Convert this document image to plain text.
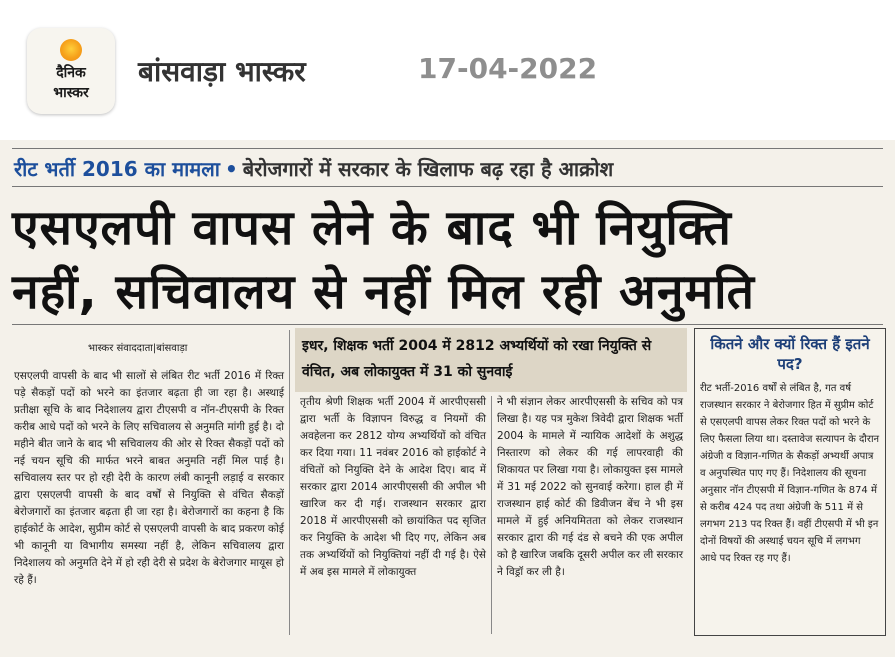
दैनिक
भास्कर
बांसवाड़ा भास्कर	17-04-2022
रीट भर्ती 2016 का मामला • बेरोजगारों में सरकार के खिलाफ बढ़ रहा है आक्रोश
एसएलपी वापस लेने के बाद भी नियुक्ति
नहीं, सचिवालय से नहीं मिल रही अनुमति
भास्कर संवाददाता|बांसवाड़ा

एसएलपी वापसी के बाद भी सालों से लंबित रीट भर्ती 2016 में रिक्त पड़े सैकड़ों पदों को भरने का इंतजार बढ़ता ही जा रहा है। अस्थाई प्रतीक्षा सूचि के बाद निदेशालय द्वारा टीएसपी व नॉन-टीएसपी के रिक्त करीब आधे पदों को भरने के लिए सचिवालय से अनुमति मांगी हुई है। दो महीने बीत जाने के बाद भी सचिवालय की ओर से रिक्त सैकड़ों पदों को नई चयन सूचि की मार्फत भरने बाबत अनुमति नहीं मिल पाई है। सचिवालय स्तर पर हो रही देरी के कारण लंबी कानूनी लड़ाई व सरकार द्वारा एसएलपी वापसी के बाद वर्षों से नियुक्ति से वंचित सैकड़ों बेरोजगारों का इंतजार बढ़ता ही जा रहा है। बेरोजगारों का कहना है कि हाईकोर्ट के आदेश, सुप्रीम कोर्ट से एसएलपी वापसी के बाद प्रकरण कोई भी कानूनी या विभागीय समस्या नहीं है, लेकिन सचिवालय द्वारा निदेशालय को अनुमति देने में हो रही देरी से प्रदेश के बेरोजगार मायूस हो रहे हैं।

इधर, शिक्षक भर्ती 2004 में 2812 अभ्यर्थियों को रखा नियुक्ति से वंचित, अब लोकायुक्त में 31 को सुनवाई

तृतीय श्रेणी शिक्षक भर्ती 2004 में आरपीएससी द्वारा भर्ती के विज्ञापन विरुद्ध व नियमों की अवहेलना कर 2812 योग्य अभ्यर्थियों को वंचित कर दिया गया। 11 नवंबर 2016 को हाईकोर्ट ने वंचितों को नियुक्ति देने के आदेश दिए। बाद में सरकार द्वारा 2014 आरपीएससी की अपील भी खारिज कर दी गई। राजस्थान सरकार द्वारा 2018 में आरपीएससी को छायांकित पद सृजित कर नियुक्ति के आदेश भी दिए गए, लेकिन अब तक अभ्यर्थियों को नियुक्तियां नहीं दी गई है। ऐसे में अब इस मामले में लोकायुक्त

ने भी संज्ञान लेकर आरपीएससी के सचिव को पत्र लिखा है। यह पत्र मुकेश त्रिवेदी द्वारा शिक्षक भर्ती 2004 के मामले में न्यायिक आदेशों के अशुद्ध निस्तारण को लेकर की गई लापरवाही की शिकायत पर लिखा गया है। लोकायुक्त इस मामले में 31 मई 2022 को सुनवाई करेगा। हाल ही में राजस्थान हाई कोर्ट की डिवीजन बेंच ने भी इस मामले में हुई अनियमितता को लेकर राजस्थान सरकार द्वारा की गई दंड से बचने की एक अपील को है खारिज जबकि दूसरी अपील कर ली सरकार ने विड्रॉ कर ली है।

कितने और क्यों रिक्त हैं इतने पद?
रीट भर्ती-2016 वर्षों से लंबित है, गत वर्ष राजस्थान सरकार ने बेरोजगार हित में सुप्रीम कोर्ट से एसएलपी वापस लेकर रिक्त पदों को भरने के लिए फैसला लिया था। दस्तावेज सत्यापन के दौरान अंग्रेजी व विज्ञान-गणित के सैकड़ों अभ्यर्थी अपात्र व अनुपस्थित पाए गए हैं। निदेशालय की सूचना अनुसार नॉन टीएसपी में विज्ञान-गणित के 874 में से करीब 424 पद तथा अंग्रेजी के 511 में से लगभग 213 पद रिक्त हैं। वहीं टीएसपी में भी इन दोनों विषयों की अस्थाई चयन सूचि में लगभग आधे पद रिक्त रह गए हैं।
